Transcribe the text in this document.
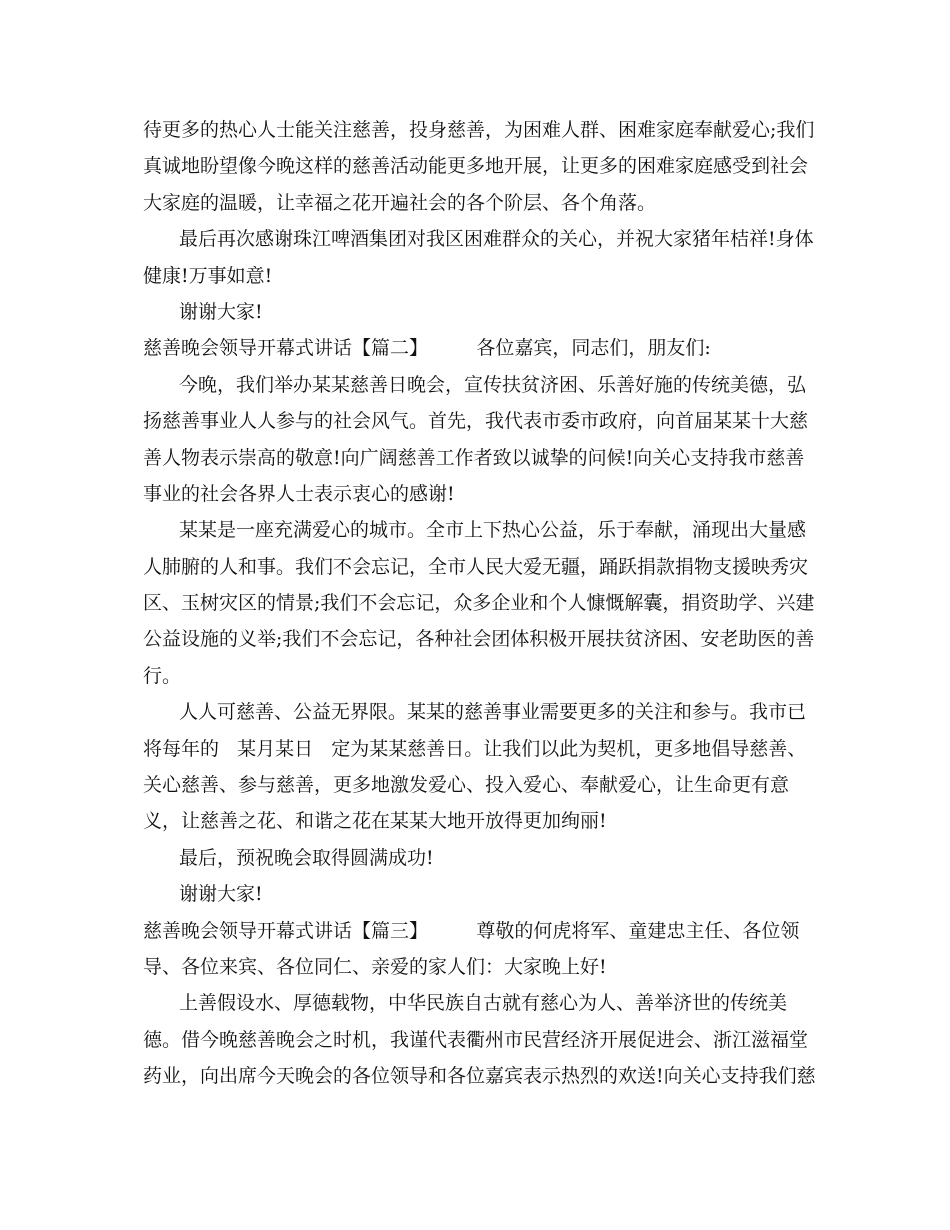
待更多的热心人士能关注慈善，投身慈善，为困难人群、困难家庭奉献爱心;我们
真诚地盼望像今晚这样的慈善活动能更多地开展，让更多的困难家庭感受到社会
大家庭的温暖，让幸福之花开遍社会的各个阶层、各个角落。
最后再次感谢珠江啤酒集团对我区困难群众的关心，并祝大家猪年桔祥!身体
健康!万事如意!
谢谢大家!
慈善晚会领导开幕式讲话【篇二】        各位嘉宾，同志们，朋友们:
今晚，我们举办某某慈善日晚会，宣传扶贫济困、乐善好施的传统美德，弘
扬慈善事业人人参与的社会风气。首先，我代表市委市政府，向首届某某十大慈
善人物表示崇高的敬意!向广阔慈善工作者致以诚挚的问候!向关心支持我市慈善
事业的社会各界人士表示衷心的感谢!
某某是一座充满爱心的城市。全市上下热心公益，乐于奉献，涌现出大量感
人肺腑的人和事。我们不会忘记，全市人民大爱无疆，踊跃捐款捐物支援映秀灾
区、玉树灾区的情景;我们不会忘记，众多企业和个人慷慨解囊，捐资助学、兴建
公益设施的义举;我们不会忘记，各种社会团体积极开展扶贫济困、安老助医的善
行。
人人可慈善、公益无界限。某某的慈善事业需要更多的关注和参与。我市已
将每年的   某月某日   定为某某慈善日。让我们以此为契机，更多地倡导慈善、
关心慈善、参与慈善，更多地激发爱心、投入爱心、奉献爱心，让生命更有意
义，让慈善之花、和谐之花在某某大地开放得更加绚丽!
最后，预祝晚会取得圆满成功!
谢谢大家!
慈善晚会领导开幕式讲话【篇三】        尊敬的何虎将军、童建忠主任、各位领
导、各位来宾、各位同仁、亲爱的家人们：大家晚上好!
上善假设水、厚德载物，中华民族自古就有慈心为人、善举济世的传统美
德。借今晚慈善晚会之时机，我谨代表衢州市民营经济开展促进会、浙江滋福堂
药业，向出席今天晚会的各位领导和各位嘉宾表示热烈的欢送!向关心支持我们慈
